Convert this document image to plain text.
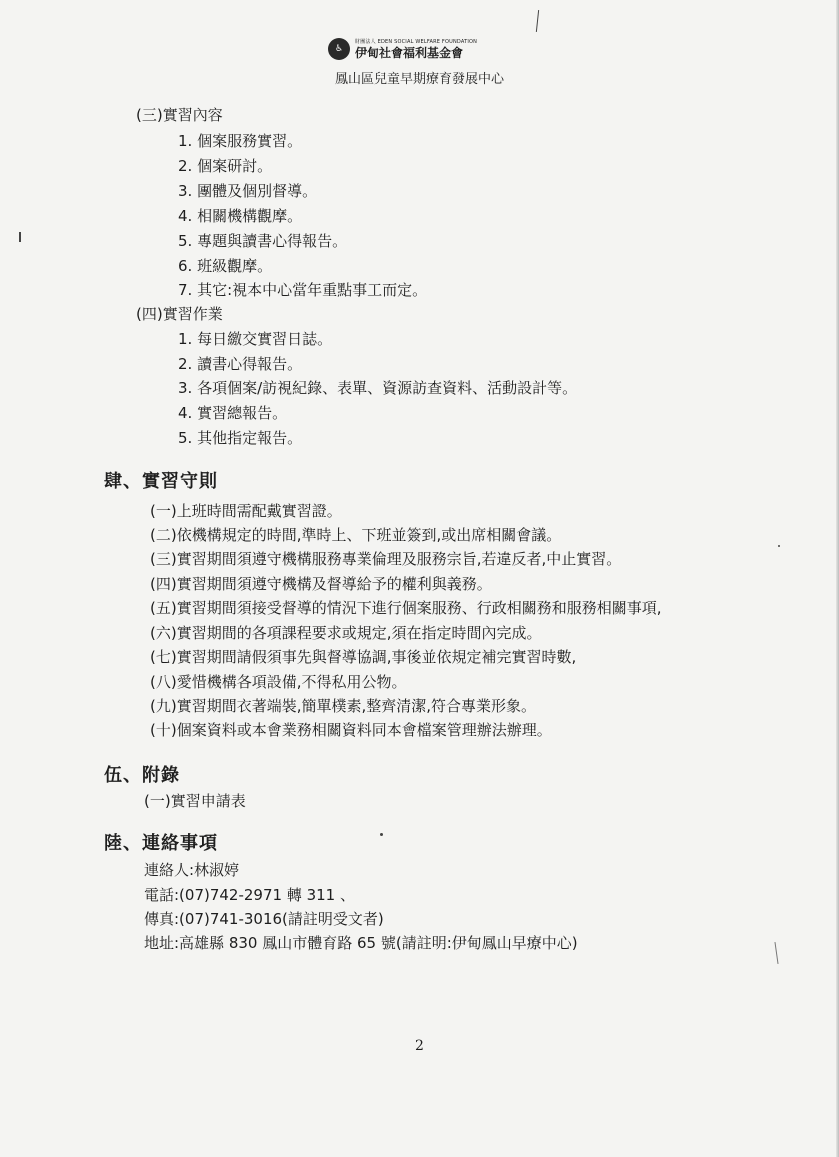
♿
財團法人 EDEN SOCIAL WELFARE FOUNDATION
伊甸社會福利基金會
鳳山區兒童早期療育發展中心
(三)實習內容
1. 個案服務實習。
2. 個案研討。
3. 團體及個別督導。
4. 相關機構觀摩。
5. 專題與讀書心得報告。
6. 班級觀摩。
7. 其它:視本中心當年重點事工而定。
(四)實習作業
1. 每日繳交實習日誌。
2. 讀書心得報告。
3. 各項個案/訪視紀錄、表單、資源訪查資料、活動設計等。
4. 實習總報告。
5. 其他指定報告。
肆、實習守則
(一)上班時間需配戴實習證。
(二)依機構規定的時間,準時上、下班並簽到,或出席相關會議。
(三)實習期間須遵守機構服務專業倫理及服務宗旨,若違反者,中止實習。
(四)實習期間須遵守機構及督導給予的權利與義務。
(五)實習期間須接受督導的情況下進行個案服務、行政相關務和服務相關事項,
(六)實習期間的各項課程要求或規定,須在指定時間內完成。
(七)實習期間請假須事先與督導協調,事後並依規定補完實習時數,
(八)愛惜機構各項設備,不得私用公物。
(九)實習期間衣著端裝,簡單樸素,整齊清潔,符合專業形象。
(十)個案資料或本會業務相關資料同本會檔案管理辦法辦理。
伍、附錄
(一)實習申請表
陸、連絡事項
連絡人:林淑婷
電話:(07)742-2971 轉 311 、
傳真:(07)741-3016(請註明受文者)
地址:高雄縣 830 鳳山市體育路 65 號(請註明:伊甸鳳山早療中心)
2
